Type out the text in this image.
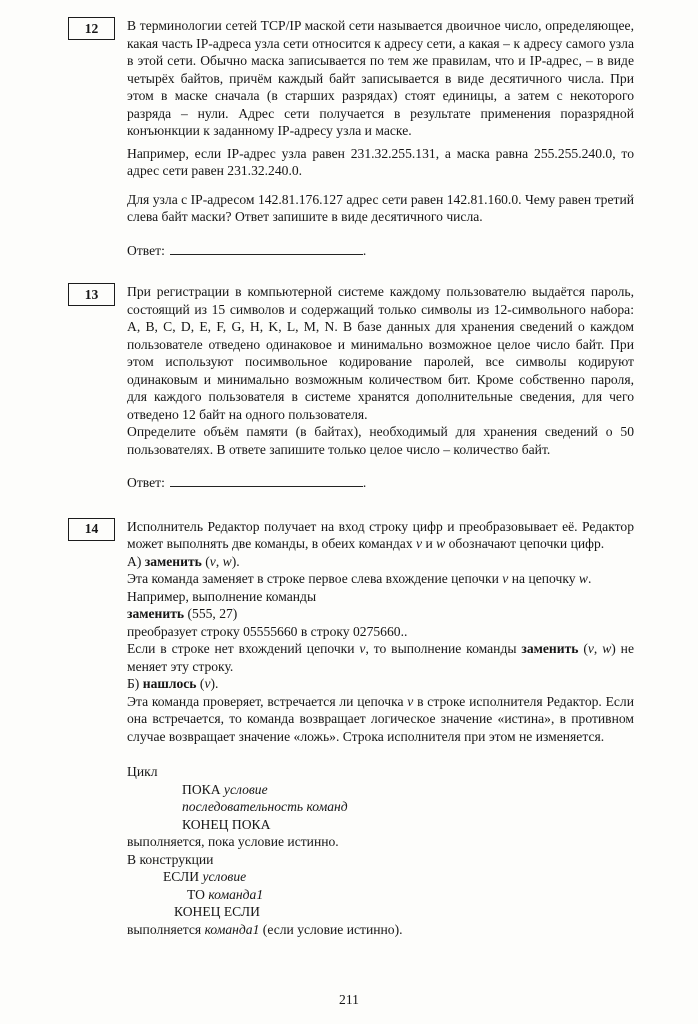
12 В терминологии сетей TCP/IP маской сети называется двоичное число, определяющее, какая часть IP-адреса узла сети относится к адресу сети, а какая – к адресу самого узла в этой сети. Обычно маска записывается по тем же правилам, что и IP-адрес, – в виде четырёх байтов, причём каждый байт записывается в виде десятичного числа. При этом в маске сначала (в старших разрядах) стоят единицы, а затем с некоторого разряда – нули. Адрес сети получается в результате применения поразрядной конъюнкции к заданному IP-адресу узла и маске.

Например, если IP-адрес узла равен 231.32.255.131, а маска равна 255.255.240.0, то адрес сети равен 231.32.240.0.

Для узла с IP-адресом 142.81.176.127 адрес сети равен 142.81.160.0. Чему равен третий слева байт маски? Ответ запишите в виде десятичного числа.

Ответ:	.
13 При регистрации в компьютерной системе каждому пользователю выдаётся пароль, состоящий из 15 символов и содержащий только символы из 12-символьного набора: A, B, C, D, E, F, G, H, K, L, M, N. В базе данных для хранения сведений о каждом пользователе отведено одинаковое и минимально возможное целое число байт. При этом используют посимвольное кодирование паролей, все символы кодируют одинаковым и минимально возможным количеством бит. Кроме собственно пароля, для каждого пользователя в системе хранятся дополнительные сведения, для чего отведено 12 байт на одного пользователя.

Определите объём памяти (в байтах), необходимый для хранения сведений о 50 пользователях. В ответе запишите только целое число – количество байт.

Ответ:	.
14 Исполнитель Редактор получает на вход строку цифр и преобразовывает её. Редактор может выполнять две команды, в обеих командах v и w обозначают цепочки цифр.

А) заменить (v, w).

Эта команда заменяет в строке первое слева вхождение цепочки v на цепочку w.

Например, выполнение команды

заменить (555, 27)

преобразует строку 05555660 в строку 0275660..

Если в строке нет вхождений цепочки v, то выполнение команды заменить (v, w) не меняет эту строку.

Б) нашлось (v).

Эта команда проверяет, встречается ли цепочка v в строке исполнителя Редактор. Если она встречается, то команда возвращает логическое значение «истина», в противном случае возвращает значение «ложь». Строка исполнителя при этом не изменяется.

Цикл

ПОКА условие

последовательность команд

КОНЕЦ ПОКА

выполняется, пока условие истинно.

В конструкции

ЕСЛИ условие

ТО команда1

КОНЕЦ ЕСЛИ

выполняется команда1 (если условие истинно).

211
